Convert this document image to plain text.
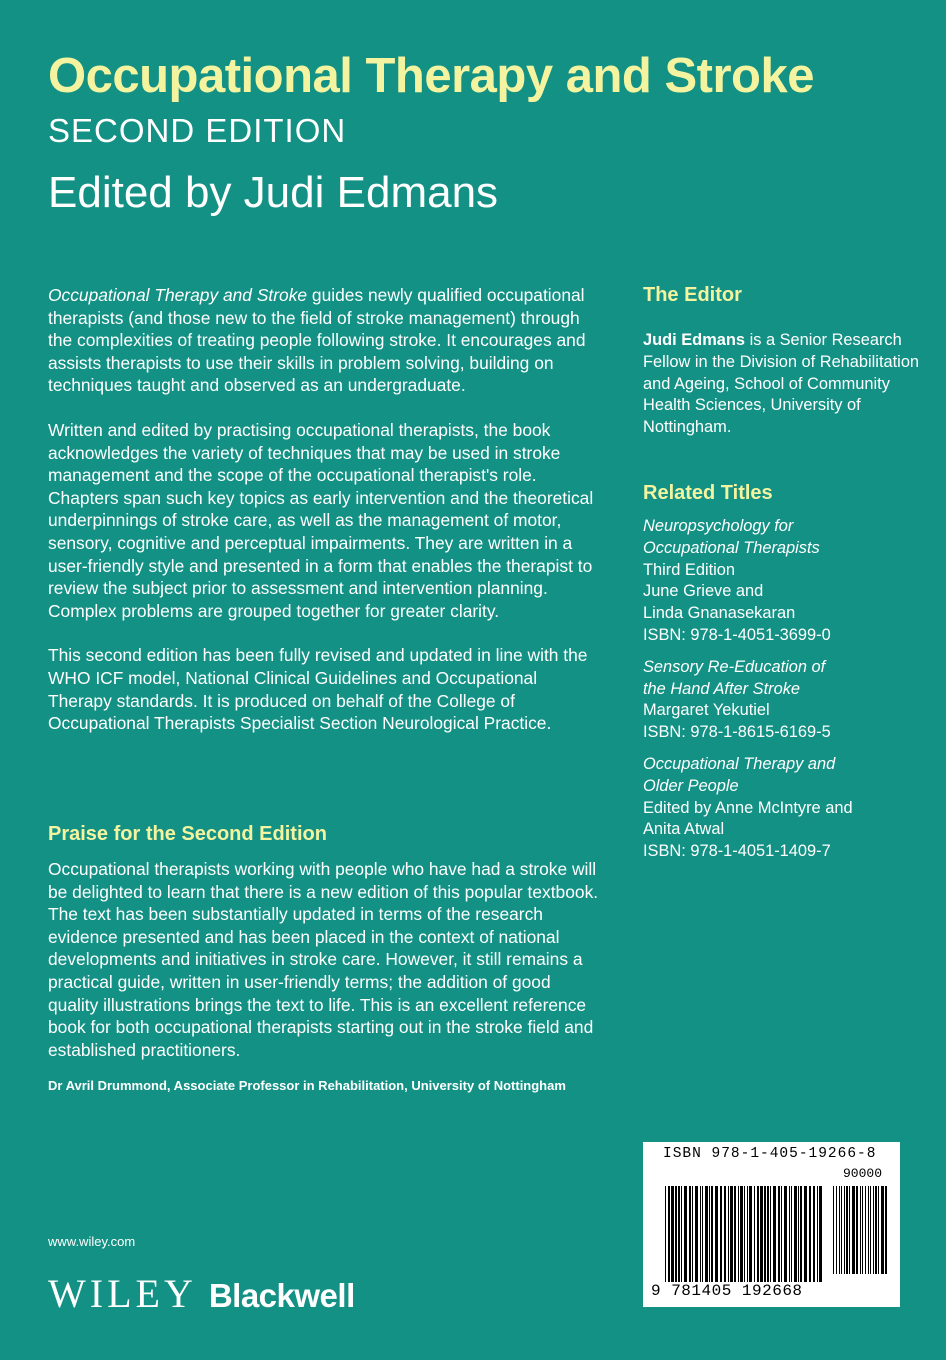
Occupational Therapy and Stroke
SECOND EDITION
Edited by Judi Edmans

Occupational Therapy and Stroke guides newly qualified occupational therapists (and those new to the field of stroke management) through the complexities of treating people following stroke. It encourages and assists therapists to use their skills in problem solving, building on techniques taught and observed as an undergraduate.

Written and edited by practising occupational therapists, the book acknowledges the variety of techniques that may be used in stroke management and the scope of the occupational therapist's role. Chapters span such key topics as early intervention and the theoretical underpinnings of stroke care, as well as the management of motor, sensory, cognitive and perceptual impairments. They are written in a user-friendly style and presented in a form that enables the therapist to review the subject prior to assessment and intervention planning. Complex problems are grouped together for greater clarity.

This second edition has been fully revised and updated in line with the WHO ICF model, National Clinical Guidelines and Occupational Therapy standards. It is produced on behalf of the College of Occupational Therapists Specialist Section Neurological Practice.

Praise for the Second Edition

Occupational therapists working with people who have had a stroke will be delighted to learn that there is a new edition of this popular textbook. The text has been substantially updated in terms of the research evidence presented and has been placed in the context of national developments and initiatives in stroke care. However, it still remains a practical guide, written in user-friendly terms; the addition of good quality illustrations brings the text to life. This is an excellent reference book for both occupational therapists starting out in the stroke field and established practitioners.

Dr Avril Drummond, Associate Professor in Rehabilitation, University of Nottingham
The Editor

Judi Edmans is a Senior Research Fellow in the Division of Rehabilitation and Ageing, School of Community Health Sciences, University of Nottingham.

Related Titles

Neuropsychology for

Occupational Therapists

Third Edition

June Grieve and

Linda Gnanasekaran

ISBN: 978-1-4051-3699-0

Sensory Re-Education of

the Hand After Stroke

Margaret Yekutiel

ISBN: 978-1-8615-6169-5

Occupational Therapy and

Older People

Edited by Anne McIntyre and

Anita Atwal

ISBN: 978-1-4051-1409-7

ISBN 978-1-405-19266-8
90000
9 781405 192668
www.wiley.com
WILEY Blackwell
